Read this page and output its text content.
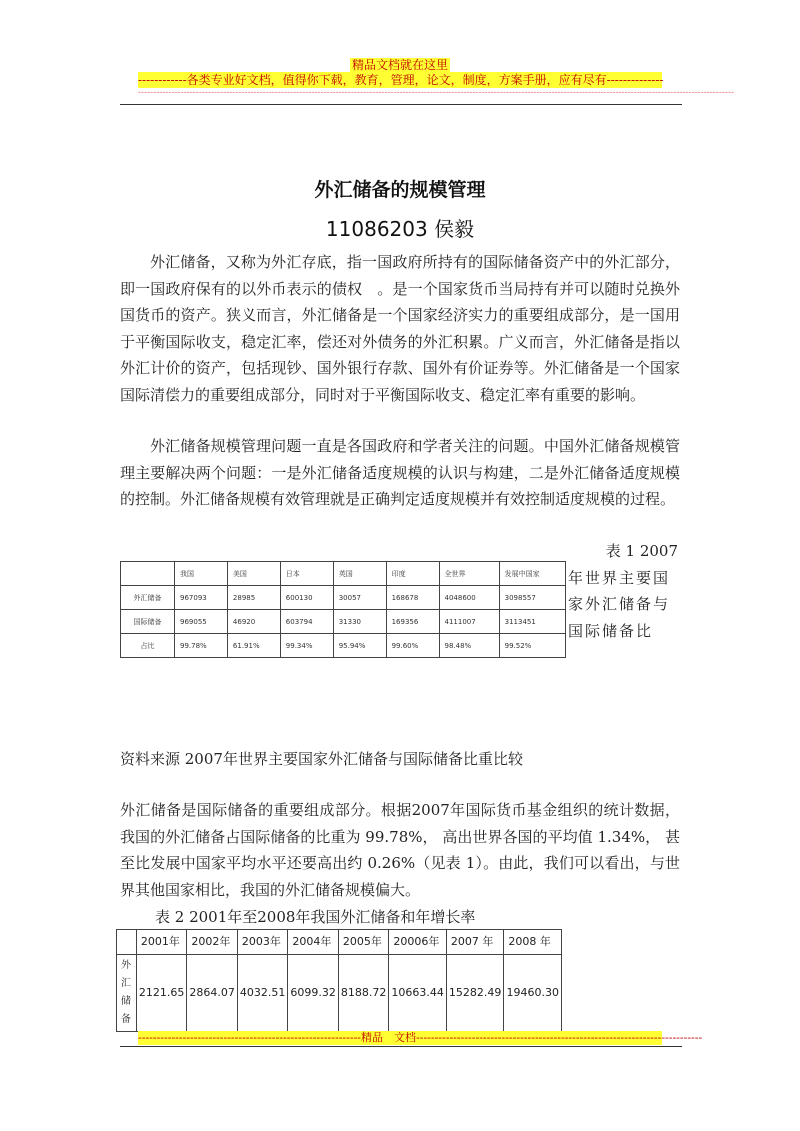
精品文档就在这里
------------各类专业好文档，值得你下载，教育，管理，论文，制度，方案手册，应有尽有--------------
----------------------------------------------------------------------------------------------------------------------------------------------------------------------------------------------------
外汇储备的规模管理
11086203 侯毅

外汇储备，又称为外汇存底，指一国政府所持有的国际储备资产中的外汇部分，即一国政府保有的以外币表示的债权　。是一个国家货币当局持有并可以随时兑换外国货币的资产。狭义而言，外汇储备是一个国家经济实力的重要组成部分，是一国用于平衡国际收支，稳定汇率，偿还对外债务的外汇积累。广义而言，外汇储备是指以外汇计价的资产，包括现钞、国外银行存款、国外有价证券等。外汇储备是一个国家国际清偿力的重要组成部分，同时对于平衡国际收支、稳定汇率有重要的影响。

外汇储备规模管理问题一直是各国政府和学者关注的问题。中国外汇储备规模管理主要解决两个问题：一是外汇储备适度规模的认识与构建，二是外汇储备适度规模的控制。外汇储备规模有效管理就是正确判定适度规模并有效控制适度规模的过程。

表 1 2007
年世界主要国家外汇储备与国际储备比
	我国	美国	日本	英国	印度	全世界	发展中国家
外汇储备	967093	28985	600130	30057	168678	4048600	3098557
国际储备	969055	46920	603794	31330	169356	4111007	3113451
占比	99.78%	61.91%	99.34%	95.94%	99.60%	98.48%	99.52%
资料来源 2007年世界主要国家外汇储备与国际储备比重比较

外汇储备是国际储备的重要组成部分。根据2007年国际货币基金组织的统计数据，我国的外汇储备占国际储备的比重为 99.78%， 高出世界各国的平均值 1.34%， 甚至比发展中国家平均水平还要高出约 0.26%（见表 1）。由此，我们可以看出，与世界其他国家相比，我国的外汇储备规模偏大。

表 2 2001年至2008年我国外汇储备和年增长率
	2001年	2002年	2003年	2004年	2005年	20006年	2007 年	2008 年
外汇储备	2121.65	2864.07	4032.51	6099.32	8188.72	10663.44	15282.49	19460.30
------------------------------------------------------------精品　文档-----------------------------------------------------------------------------
